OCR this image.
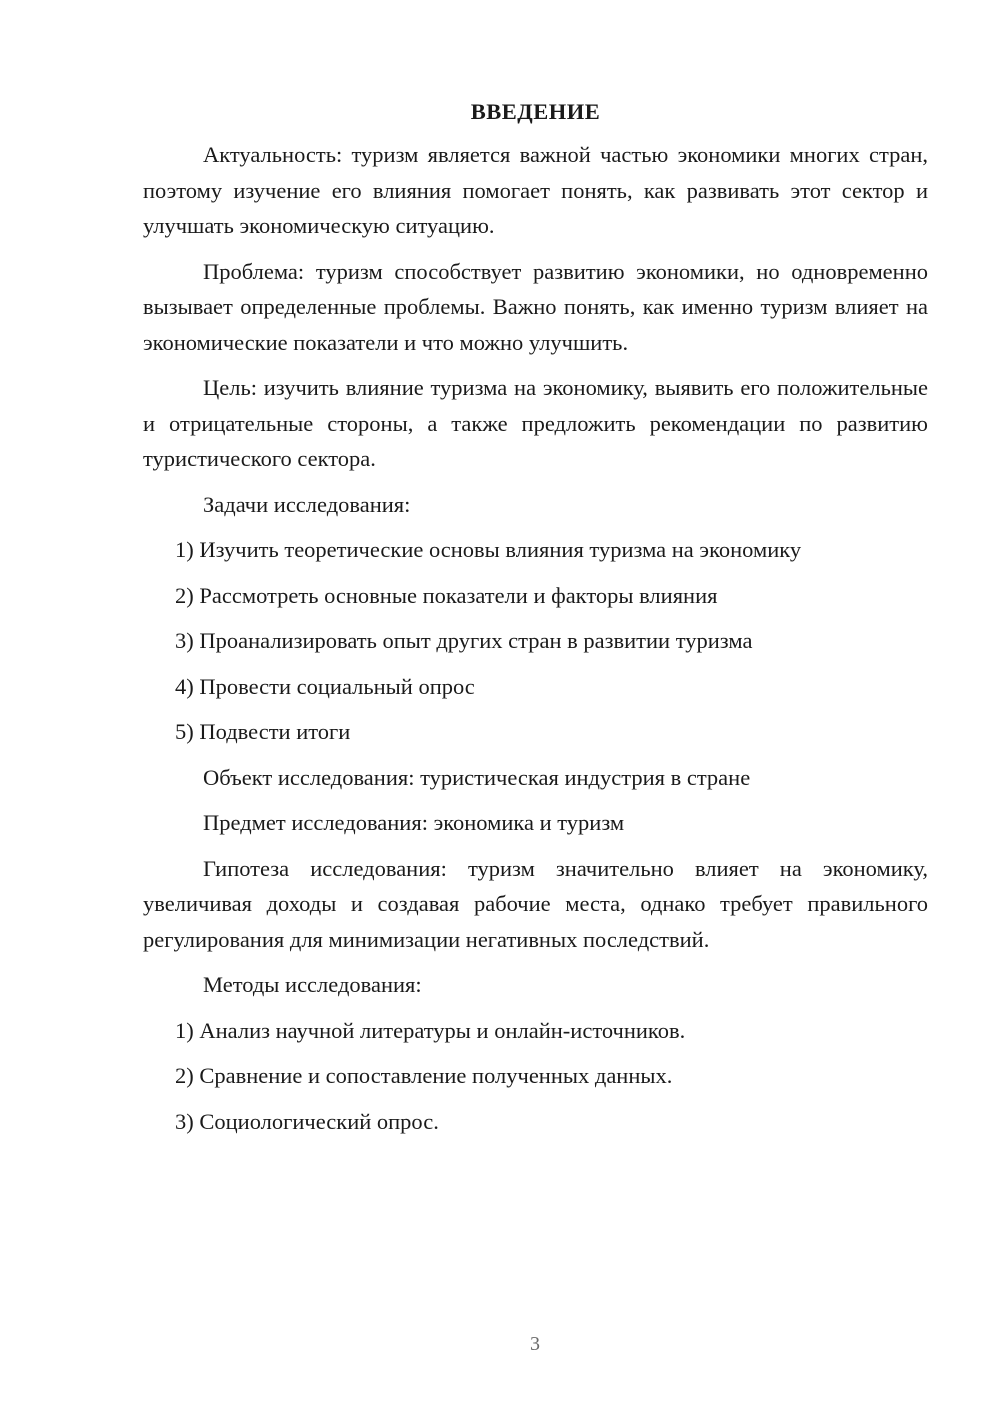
ВВЕДЕНИЕ

Актуальность: туризм является важной частью экономики многих стран, поэтому изучение его влияния помогает понять, как развивать этот сектор и улучшать экономическую ситуацию.

Проблема: туризм способствует развитию экономики, но одновременно вызывает определенные проблемы. Важно понять, как именно туризм влияет на экономические показатели и что можно улучшить.

Цель: изучить влияние туризма на экономику, выявить его положительные и отрицательные стороны, а также предложить рекомендации по развитию туристического сектора.

Задачи исследования:
1) Изучить теоретические основы влияния туризма на экономику
2) Рассмотреть основные показатели и факторы влияния
3) Проанализировать опыт других стран в развитии туризма
4) Провести социальный опрос
5) Подвести итоги
Объект исследования: туристическая индустрия в стране
Предмет исследования: экономика и туризм

Гипотеза исследования: туризм значительно влияет на экономику, увеличивая доходы и создавая рабочие места, однако требует правильного регулирования для минимизации негативных последствий.

Методы исследования:
1) Анализ научной литературы и онлайн-источников.
2) Сравнение и сопоставление полученных данных.
3) Социологический опрос.
3
